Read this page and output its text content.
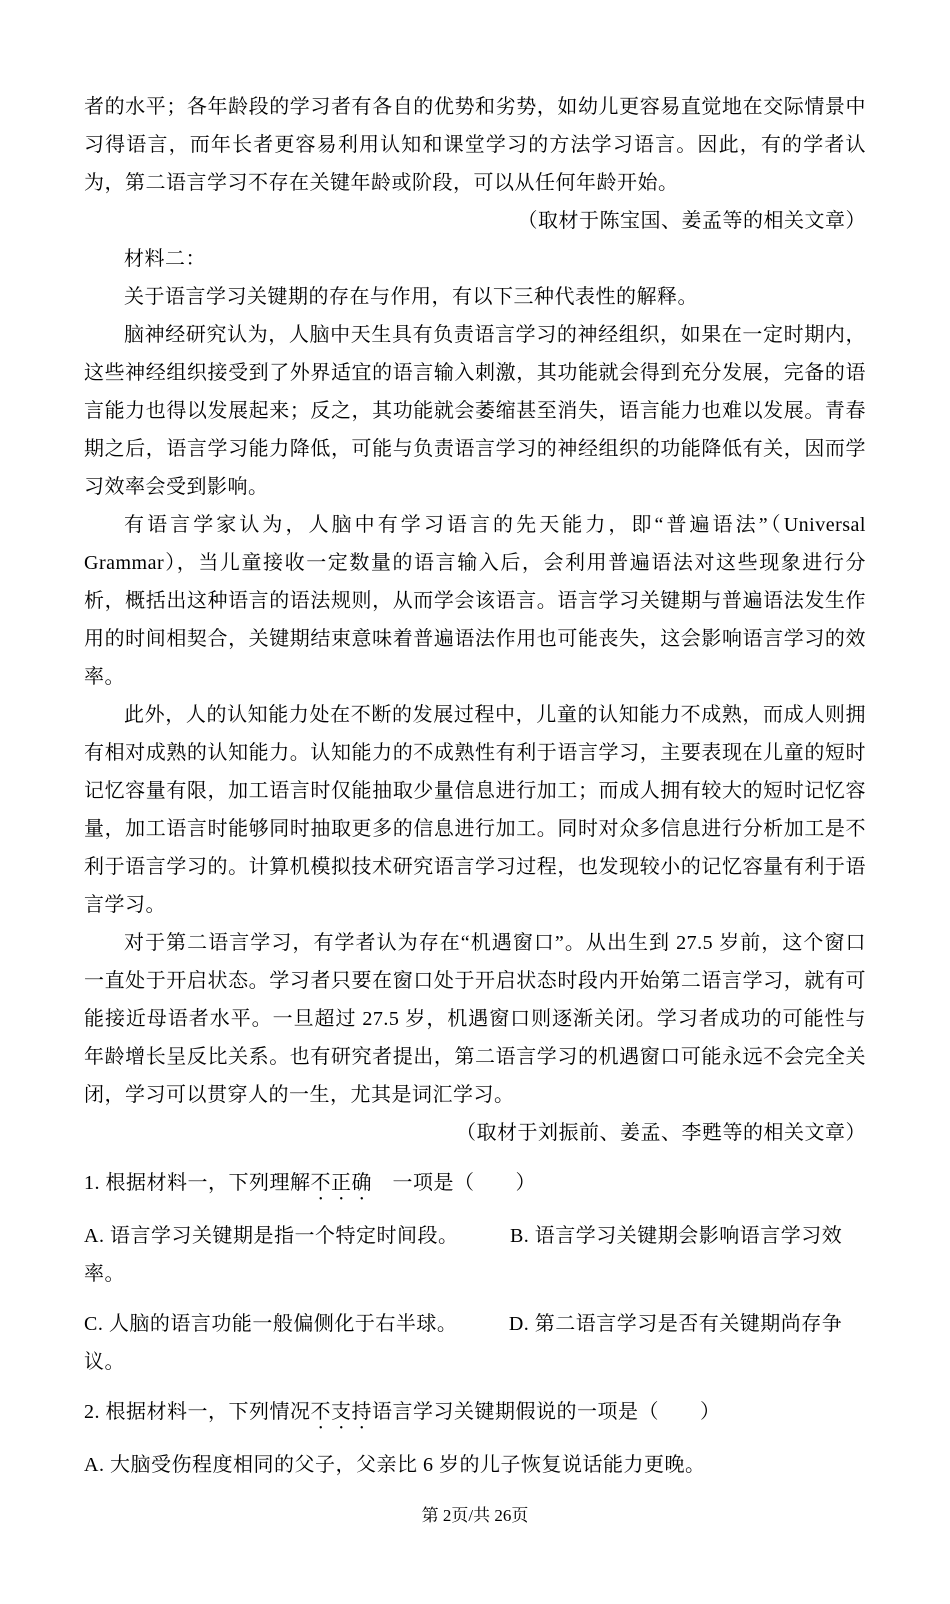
者的水平；各年龄段的学习者有各自的优势和劣势，如幼儿更容易直觉地在交际情景中习得语言，而年长者更容易利用认知和课堂学习的方法学习语言。因此，有的学者认为，第二语言学习不存在关键年龄或阶段，可以从任何年龄开始。

（取材于陈宝国、姜孟等的相关文章）

材料二：

关于语言学习关键期的存在与作用，有以下三种代表性的解释。

脑神经研究认为，人脑中天生具有负责语言学习的神经组织，如果在一定时期内，这些神经组织接受到了外界适宜的语言输入刺激，其功能就会得到充分发展，完备的语言能力也得以发展起来；反之，其功能就会萎缩甚至消失，语言能力也难以发展。青春期之后，语言学习能力降低，可能与负责语言学习的神经组织的功能降低有关，因而学习效率会受到影响。

有语言学家认为，人脑中有学习语言的先天能力，即“普遍语法”（Universal Grammar），当儿童接收一定数量的语言输入后，会利用普遍语法对这些现象进行分析，概括出这种语言的语法规则，从而学会该语言。语言学习关键期与普遍语法发生作用的时间相契合，关键期结束意味着普遍语法作用也可能丧失，这会影响语言学习的效率。

此外，人的认知能力处在不断的发展过程中，儿童的认知能力不成熟，而成人则拥有相对成熟的认知能力。认知能力的不成熟性有利于语言学习，主要表现在儿童的短时记忆容量有限，加工语言时仅能抽取少量信息进行加工；而成人拥有较大的短时记忆容量，加工语言时能够同时抽取更多的信息进行加工。同时对众多信息进行分析加工是不利于语言学习的。计算机模拟技术研究语言学习过程，也发现较小的记忆容量有利于语言学习。

对于第二语言学习，有学者认为存在“机遇窗口”。从出生到 27.5 岁前，这个窗口一直处于开启状态。学习者只要在窗口处于开启状态时段内开始第二语言学习，就有可能接近母语者水平。一旦超过 27.5 岁，机遇窗口则逐渐关闭。学习者成功的可能性与年龄增长呈反比关系。也有研究者提出，第二语言学习的机遇窗口可能永远不会完全关闭，学习可以贯穿人的一生，尤其是词汇学习。

（取材于刘振前、姜孟、李甦等的相关文章）

1. 根据材料一，下列理解不正确　一项是（　　）

A. 语言学习关键期是指一个特定时间段。　　　B. 语言学习关键期会影响语言学习效率。

C. 人脑的语言功能一般偏侧化于右半球。　　　D. 第二语言学习是否有关键期尚存争议。

2. 根据材料一，下列情况不支持语言学习关键期假说的一项是（　　）

A. 大脑受伤程度相同的父子，父亲比 6 岁的儿子恢复说话能力更晚。

第 2页/共 26页
